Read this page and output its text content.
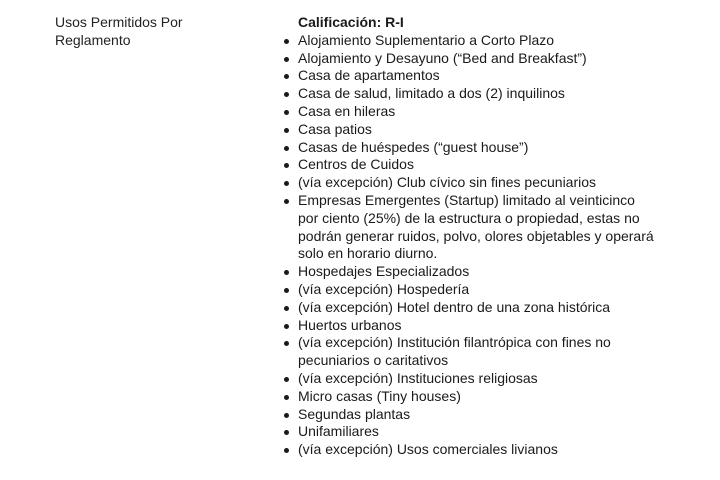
Usos Permitidos Por Reglamento

Calificación: R-I

Alojamiento Suplementario a Corto Plazo
Alojamiento y Desayuno (“Bed and Breakfast”)
Casa de apartamentos
Casa de salud, limitado a dos (2) inquilinos
Casa en hileras
Casa patios
Casas de huéspedes (“guest house”)
Centros de Cuidos
(vía excepción) Club cívico sin fines pecuniarios
Empresas Emergentes (Startup) limitado al veinticinco por ciento (25%) de la estructura o propiedad, estas no podrán generar ruidos, polvo, olores objetables y operará solo en horario diurno.
Hospedajes Especializados
(vía excepción) Hospedería
(vía excepción) Hotel dentro de una zona histórica
Huertos urbanos
(vía excepción) Institución filantrópica con fines no pecuniarios o caritativos
(vía excepción) Instituciones religiosas
Micro casas (Tiny houses)
Segundas plantas
Unifamiliares
(vía excepción) Usos comerciales livianos
